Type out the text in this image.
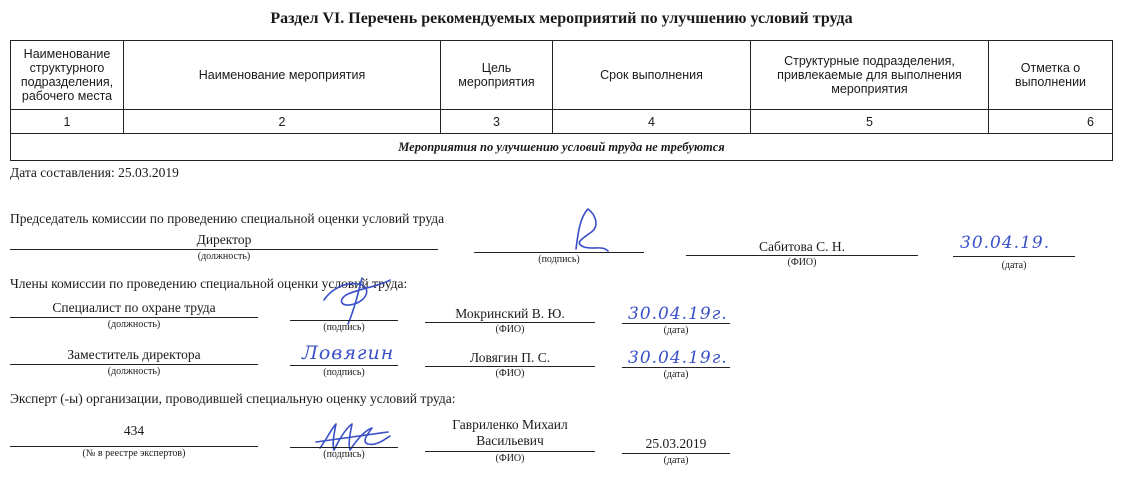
Раздел VI. Перечень рекомендуемых мероприятий по улучшению условий труда
Наименование структурного подразделения, рабочего места	Наименование мероприятия	Цель мероприятия	Срок выполнения	Структурные подразделения, привлекаемые для выполнения мероприятия	Отметка о выполнении
1	2	3	4	5	6
Мероприятия по улучшению условий труда не требуются					
Дата составления: 25.03.2019
Председатель комиссии по проведению специальной оценки условий труда
Директор
(должность)	(подпись)
Сабитова С. Н.
(ФИО)
30.04.19.
(дата)
Члены комиссии по проведению специальной оценки условий труда:
Специалист по охране труда
(должность)	(подпись)
Мокринский В. Ю.
(ФИО)
30.04.19г.
(дата)
Заместитель директора
(должность)
Ловягин
(подпись)
Ловягин П. С.
(ФИО)
30.04.19г.
(дата)
Эксперт (-ы) организации, проводившей специальную оценку условий труда:
434
(№ в реестре экспертов)	(подпись)
Гавриленко Михаил Васильевич
(ФИО)
25.03.2019
(дата)
